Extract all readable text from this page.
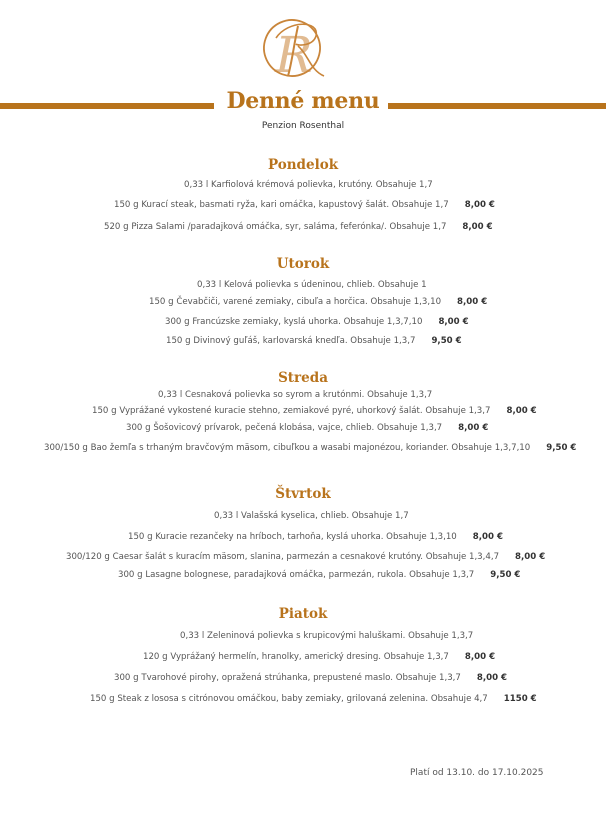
R
Denné menu
Penzion Rosenthal
Pondelok
0,33 l Karfiolová krémová polievka, krutóny. Obsahuje 1,7
150 g Kurací steak, basmati ryža, kari omáčka, kapustový šalát. Obsahuje 1,7 8,00 €
520 g Pizza Salami /paradajková omáčka, syr, saláma, feferónka/. Obsahuje 1,7 8,00 €
Utorok
0,33 l Kelová polievka s údeninou, chlieb. Obsahuje 1
150 g Čevabčiči, varené zemiaky, cibuľa a horčica. Obsahuje 1,3,10 8,00 €
300 g Francúzske zemiaky, kyslá uhorka. Obsahuje 1,3,7,10 8,00 €
150 g Divinový guľáš, karlovarská knedľa. Obsahuje 1,3,7 9,50 €
Streda
0,33 l Cesnaková polievka so syrom a krutónmi. Obsahuje 1,3,7
150 g Vyprážané vykostené kuracie stehno, zemiakové pyré, uhorkový šalát. Obsahuje 1,3,7 8,00 €
300 g Šošovicový prívarok, pečená klobása, vajce, chlieb. Obsahuje 1,3,7 8,00 €
300/150 g Bao žemľa s trhaným bravčovým mäsom, cibuľkou a wasabi majonézou, koriander. Obsahuje 1,3,7,10 9,50 €
Štvrtok
0,33 l Valašská kyselica, chlieb. Obsahuje 1,7
150 g Kuracie rezančeky na hríboch, tarhoňa, kyslá uhorka. Obsahuje 1,3,10 8,00 €
300/120 g Caesar šalát s kuracím mäsom, slanina, parmezán a cesnakové krutóny. Obsahuje 1,3,4,7 8,00 €
300 g Lasagne bolognese, paradajková omáčka, parmezán, rukola. Obsahuje 1,3,7 9,50 €
Piatok
0,33 l Zeleninová polievka s krupicovými haluškami. Obsahuje 1,3,7
120 g Vyprážaný hermelín, hranolky, americký dresing. Obsahuje 1,3,7 8,00 €
300 g Tvarohové pirohy, opražená strúhanka, prepustené maslo. Obsahuje 1,3,7 8,00 €
150 g Steak z lososa s citrónovou omáčkou, baby zemiaky, grilovaná zelenina. Obsahuje 4,7 1150 €
Platí od 13.10. do 17.10.2025
